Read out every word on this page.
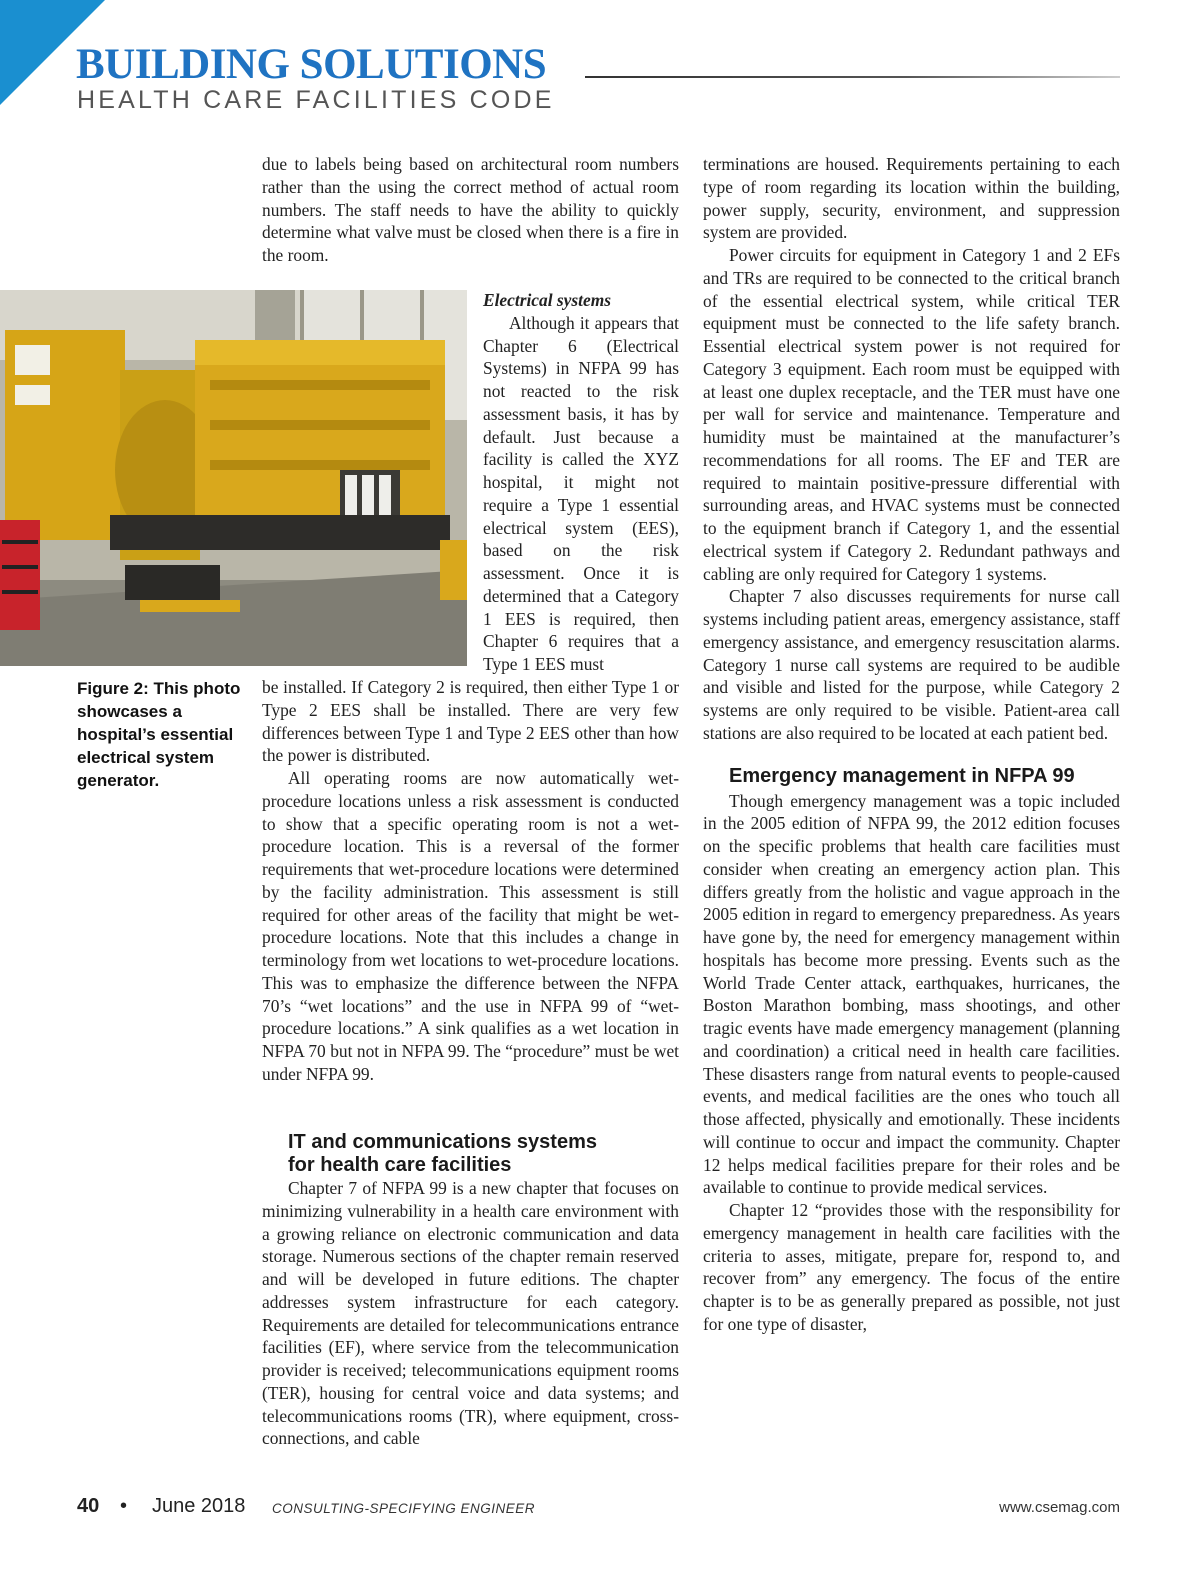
BUILDING SOLUTIONS
HEALTH CARE FACILITIES CODE

due to labels being based on architectural room numbers rather than the using the correct method of actual room numbers. The staff needs to have the ability to quickly determine what valve must be closed when there is a fire in the room.

Electrical systems

Although it appears that Chapter 6 (Electrical Systems) in NFPA 99 has not reacted to the risk assessment basis, it has by default. Just because a facility is called the XYZ hospital, it might not require a Type 1 essential electrical system (EES), based on the risk assessment. Once it is determined that a Category 1 EES is required, then Chapter 6 requires that a Type 1 EES must

Figure 2: This photo showcases a hospital’s essential electrical system generator.

be installed. If Category 2 is required, then either Type 1 or Type 2 EES shall be installed. There are very few differences between Type 1 and Type 2 EES other than how the power is distributed.

All operating rooms are now automatically wet-procedure locations unless a risk assessment is conducted to show that a specific operating room is not a wet-procedure location. This is a reversal of the former requirements that wet-procedure locations were determined by the facility administration. This assessment is still required for other areas of the facility that might be wet-procedure locations. Note that this includes a change in terminology from wet locations to wet-procedure locations. This was to emphasize the difference between the NFPA 70’s “wet locations” and the use in NFPA 99 of “wet-procedure locations.” A sink qualifies as a wet location in NFPA 70 but not in NFPA 99. The “procedure” must be wet under NFPA 99.

IT and communications systems

for health care facilities

Chapter 7 of NFPA 99 is a new chapter that focuses on minimizing vulnerability in a health care environment with a growing reliance on electronic communication and data storage. Numerous sections of the chapter remain reserved and will be developed in future editions. The chapter addresses system infrastructure for each category. Requirements are detailed for telecommunications entrance facilities (EF), where service from the telecommunication provider is received; telecommunications equipment rooms (TER), housing for central voice and data systems; and telecommunications rooms (TR), where equipment, cross-connections, and cable

terminations are housed. Requirements pertaining to each type of room regarding its location within the building, power supply, security, environment, and suppression system are provided.

Power circuits for equipment in Category 1 and 2 EFs and TRs are required to be connected to the critical branch of the essential electrical system, while critical TER equipment must be connected to the life safety branch. Essential electrical system power is not required for Category 3 equipment. Each room must be equipped with at least one duplex receptacle, and the TER must have one per wall for service and maintenance. Temperature and humidity must be maintained at the manufacturer’s recommendations for all rooms. The EF and TER are required to maintain positive-pressure differential with surrounding areas, and HVAC systems must be connected to the equipment branch if Category 1, and the essential electrical system if Category 2. Redundant pathways and cabling are only required for Category 1 systems.

Chapter 7 also discusses requirements for nurse call systems including patient areas, emergency assistance, staff emergency assistance, and emergency resuscitation alarms. Category 1 nurse call systems are required to be audible and visible and listed for the purpose, while Category 2 systems are only required to be visible. Patient-area call stations are also required to be located at each patient bed.

Emergency management in NFPA 99

Though emergency management was a topic included in the 2005 edition of NFPA 99, the 2012 edition focuses on the specific problems that health care facilities must consider when creating an emergency action plan. This differs greatly from the holistic and vague approach in the 2005 edition in regard to emergency preparedness. As years have gone by, the need for emergency management within hospitals has become more pressing. Events such as the World Trade Center attack, earthquakes, hurricanes, the Boston Marathon bombing, mass shootings, and other tragic events have made emergency management (planning and coordination) a critical need in health care facilities. These disasters range from natural events to people-caused events, and medical facilities are the ones who touch all those affected, physically and emotionally. These incidents will continue to occur and impact the community. Chapter 12 helps medical facilities prepare for their roles and be available to continue to provide medical services.

Chapter 12 “provides those with the responsibility for emergency management in health care facilities with the criteria to asses, mitigate, prepare for, respond to, and recover from” any emergency. The focus of the entire chapter is to be as generally prepared as possible, not just for one type of disaster,

40 • June 2018 CONSULTING-SPECIFYING ENGINEER	www.csemag.com
